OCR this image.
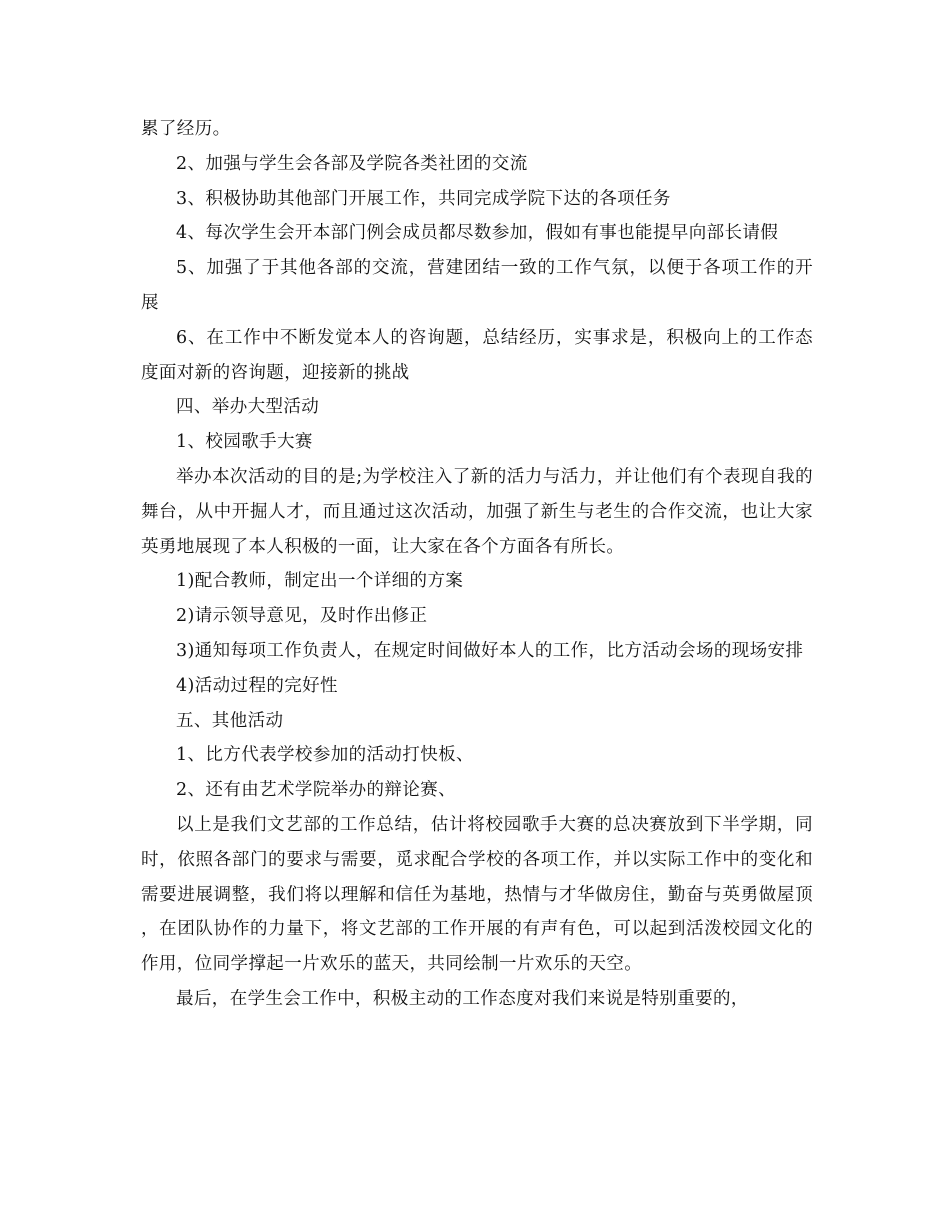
累了经历。

2、加强与学生会各部及学院各类社团的交流

3、积极协助其他部门开展工作，共同完成学院下达的各项任务

4、每次学生会开本部门例会成员都尽数参加，假如有事也能提早向部长请假

5、加强了于其他各部的交流，营建团结一致的工作气氛，以便于各项工作的开展

6、在工作中不断发觉本人的咨询题，总结经历，实事求是，积极向上的工作态度面对新的咨询题，迎接新的挑战

四、举办大型活动

1、校园歌手大赛

举办本次活动的目的是;为学校注入了新的活力与活力，并让他们有个表现自我的舞台，从中开掘人才，而且通过这次活动，加强了新生与老生的合作交流，也让大家英勇地展现了本人积极的一面，让大家在各个方面各有所长。

1)配合教师，制定出一个详细的方案

2)请示领导意见，及时作出修正

3)通知每项工作负责人，在规定时间做好本人的工作，比方活动会场的现场安排

4)活动过程的完好性

五、其他活动

1、比方代表学校参加的活动打快板、

2、还有由艺术学院举办的辩论赛、

以上是我们文艺部的工作总结，估计将校园歌手大赛的总决赛放到下半学期，同时，依照各部门的要求与需要，觅求配合学校的各项工作，并以实际工作中的变化和需要进展调整，我们将以理解和信任为基地，热情与才华做房住，勤奋与英勇做屋顶，在团队协作的力量下，将文艺部的工作开展的有声有色，可以起到活泼校园文化的作用，位同学撑起一片欢乐的蓝天，共同绘制一片欢乐的天空。

最后，在学生会工作中，积极主动的工作态度对我们来说是特别重要的，
